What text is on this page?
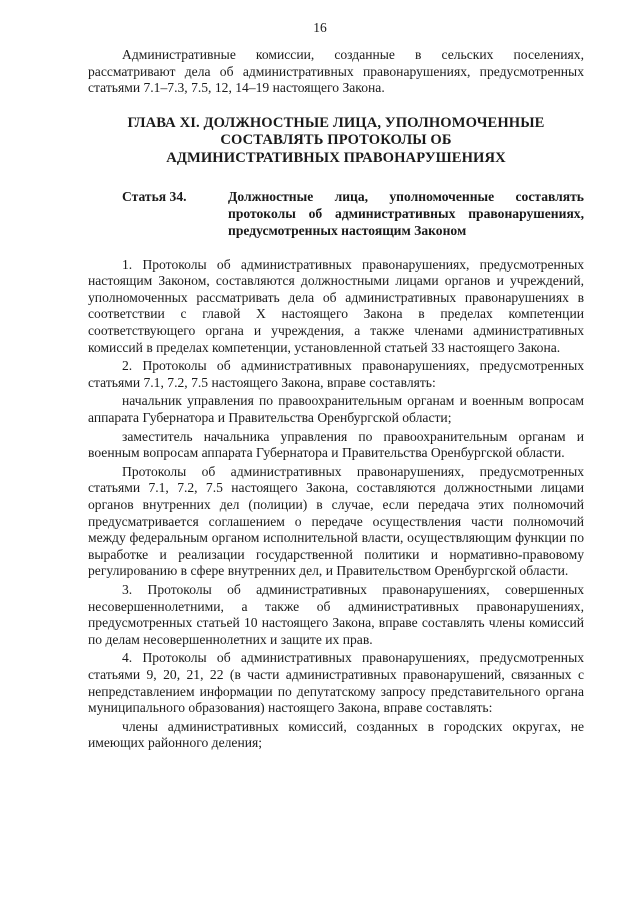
16

Административные комиссии, созданные в сельских поселениях, рассматривают дела об административных правонарушениях, предусмотренных статьями 7.1–7.3, 7.5, 12, 14–19 настоящего Закона.

ГЛАВА XI. ДОЛЖНОСТНЫЕ ЛИЦА, УПОЛНОМОЧЕННЫЕ
СОСТАВЛЯТЬ ПРОТОКОЛЫ ОБ
АДМИНИСТРАТИВНЫХ ПРАВОНАРУШЕНИЯХ
Статья 34.	Должностные лица, уполномоченные составлять протоколы об административных правонарушениях, предусмотренных настоящим Законом

1. Протоколы об административных правонарушениях, предусмотренных настоящим Законом, составляются должностными лицами органов и учреждений, уполномоченных рассматривать дела об административных правонарушениях в соответствии с главой X настоящего Закона в пределах компетенции соответствующего органа и учреждения, а также членами административных комиссий в пределах компетенции, установленной статьей 33 настоящего Закона.

2. Протоколы об административных правонарушениях, предусмотренных статьями 7.1, 7.2, 7.5 настоящего Закона, вправе составлять:

начальник управления по правоохранительным органам и военным вопросам аппарата Губернатора и Правительства Оренбургской области;

заместитель начальника управления по правоохранительным органам и военным вопросам аппарата Губернатора и Правительства Оренбургской области.

Протоколы об административных правонарушениях, предусмотренных статьями 7.1, 7.2, 7.5 настоящего Закона, составляются должностными лицами органов внутренних дел (полиции) в случае, если передача этих полномочий предусматривается соглашением о передаче осуществления части полномочий между федеральным органом исполнительной власти, осуществляющим функции по выработке и реализации государственной политики и нормативно-правовому регулированию в сфере внутренних дел, и Правительством Оренбургской области.

3. Протоколы об административных правонарушениях, совершенных несовершеннолетними, а также об административных правонарушениях, предусмотренных статьей 10 настоящего Закона, вправе составлять члены комиссий по делам несовершеннолетних и защите их прав.

4. Протоколы об административных правонарушениях, предусмотренных статьями 9, 20, 21, 22 (в части административных правонарушений, связанных с непредставлением информации по депутатскому запросу представительного органа муниципального образования) настоящего Закона, вправе составлять:

члены административных комиссий, созданных в городских округах, не имеющих районного деления;
